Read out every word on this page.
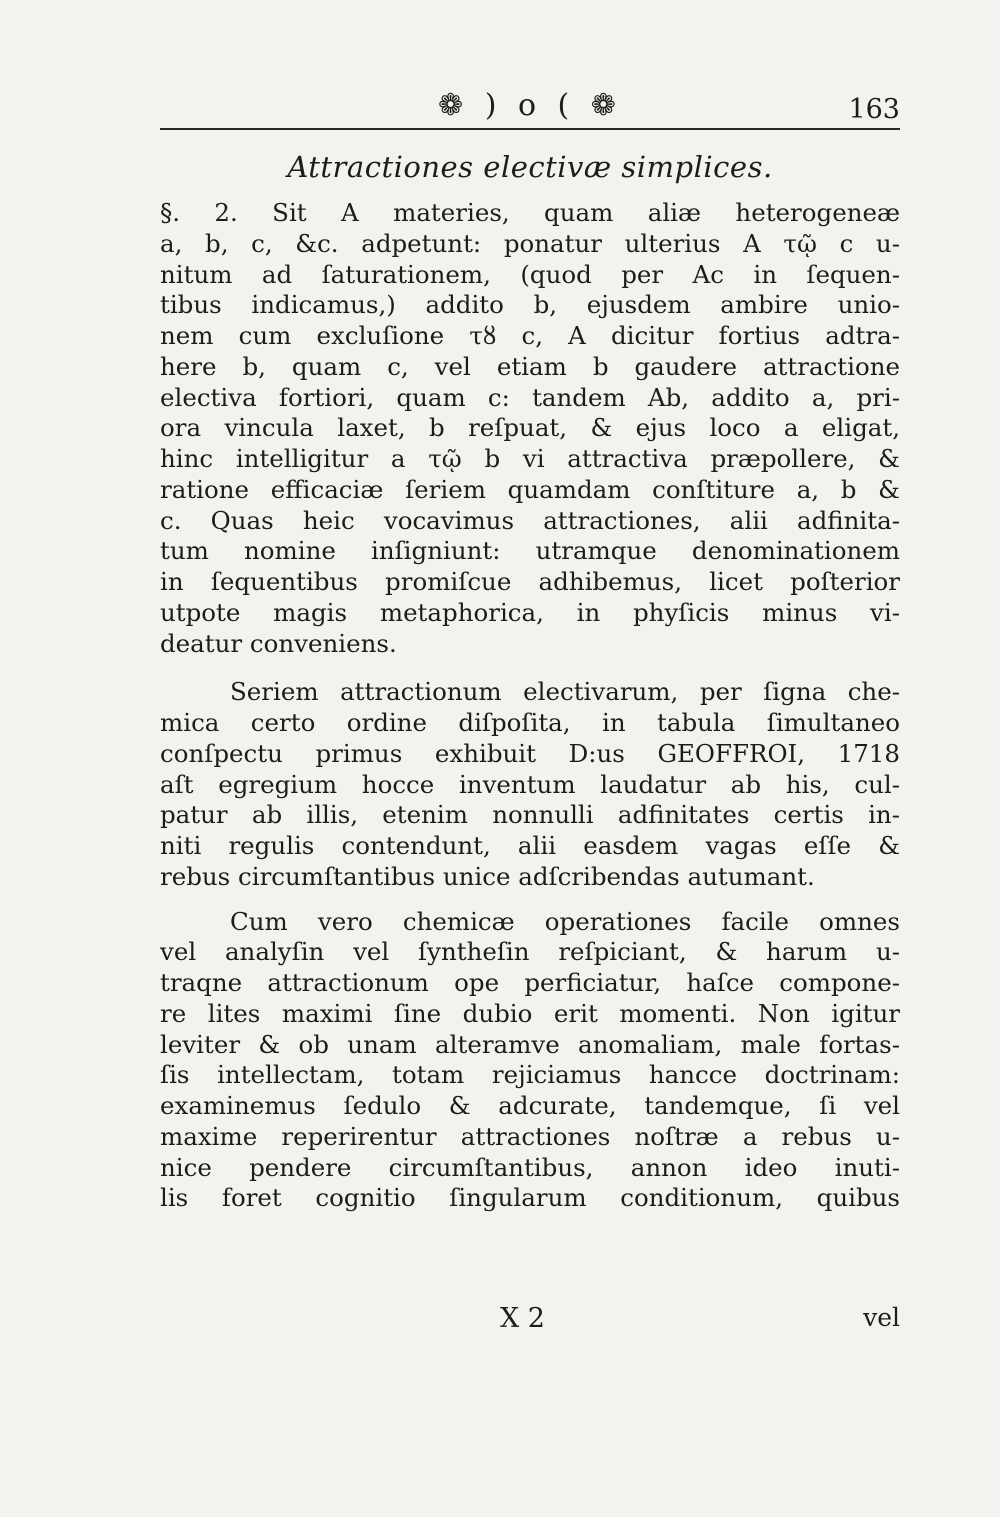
❁ ) o ( ❁	163
Attractiones electivæ simplices.
§. 2. Sit A materies, quam aliæ heterogeneæ
a, b, c, &c. adpetunt: ponatur ulterius A τῷ c u-
nitum ad ſaturationem, (quod per Ac in ſequen-
tibus indicamus,) addito b, ejusdem ambire unio-
nem cum excluſione τȣ c, A dicitur fortius adtra-
here b, quam c, vel etiam b gaudere attractione
electiva fortiori, quam c: tandem Ab, addito a, pri-
ora vincula laxet, b reſpuat, & ejus loco a eligat,
hinc intelligitur a τῷ b vi attractiva præpollere, &
ratione efficaciæ ſeriem quamdam conſtiture a, b &
c. Quas heic vocavimus attractiones, alii adfinita-
tum nomine inſigniunt: utramque denominationem
in ſequentibus promiſcue adhibemus, licet poſterior
utpote magis metaphorica, in phyſicis minus vi-
deatur conveniens.
Seriem attractionum electivarum, per ſigna che-
mica certo ordine diſpoſita, in tabula ſimultaneo
conſpectu primus exhibuit D:us GEOFFROI, 1718
aſt egregium hocce inventum laudatur ab his, cul-
patur ab illis, etenim nonnulli adfinitates certis in-
niti regulis contendunt, alii easdem vagas eſſe &
rebus circumſtantibus unice adſcribendas autumant.
Cum vero chemicæ operationes facile omnes
vel analyſin vel ſyntheſin reſpiciant, & harum u-
traqne attractionum ope perficiatur, haſce compone-
re lites maximi ſine dubio erit momenti. Non igitur
leviter & ob unam alteramve anomaliam, male fortas-
ſis intellectam, totam rejiciamus hancce doctrinam:
examinemus ſedulo & adcurate, tandemque, ſi vel
maxime reperirentur attractiones noſtræ a rebus u-
nice pendere circumſtantibus, annon ideo inuti-
lis foret cognitio ſingularum conditionum, quibus
X 2	vel
